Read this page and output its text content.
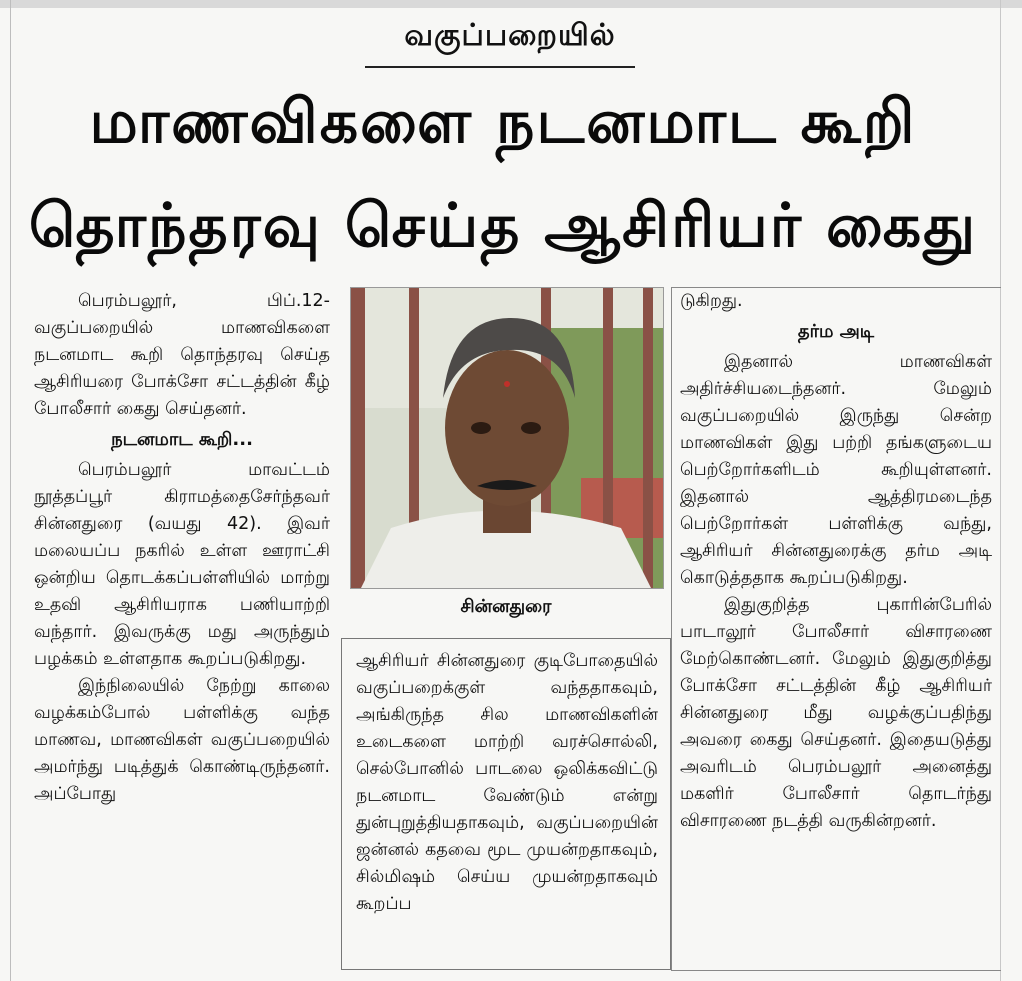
வகுப்பறையில்
மாணவிகளை நடனமாட கூறி
தொந்தரவு செய்த ஆசிரியர் கைது

பெரம்பலூர், பிப்.12- வகுப்பறையில் மாணவிகளை நடனமாட கூறி தொந்தரவு செய்த ஆசிரியரை போக்சோ சட்டத்தின் கீழ் போலீசார் கைது செய்தனர்.

நடனமாட கூறி...

பெரம்பலூர் மாவட்டம் நூத்தப்பூர் கிராமத்தைசேர்ந்தவர் சின்னதுரை (வயது 42). இவர் மலையப்ப நகரில் உள்ள ஊராட்சி ஒன்றிய தொடக்கப்பள்ளியில் மாற்று உதவி ஆசிரியராக பணியாற்றி வந்தார். இவருக்கு மது அருந்தும் பழக்கம் உள்ளதாக கூறப்படுகிறது.

இந்நிலையில் நேற்று காலை வழக்கம்போல் பள்ளிக்கு வந்த மாணவ, மாணவிகள் வகுப்பறையில் அமர்ந்து படித்துக் கொண்டிருந்தனர். அப்போது

சின்னதுரை

ஆசிரியர் சின்னதுரை குடிபோதையில் வகுப்பறைக்குள் வந்ததாகவும், அங்கிருந்த சில மாணவிகளின் உடைகளை மாற்றி வரச்சொல்லி, செல்போனில் பாடலை ஒலிக்கவிட்டு நடனமாட வேண்டும் என்று துன்புறுத்தியதாகவும், வகுப்பறையின் ஜன்னல் கதவை மூட முயன்றதாகவும், சில்மிஷம் செய்ய முயன்றதாகவும் கூறப்ப

டுகிறது.

தர்ம அடி

இதனால் மாணவிகள் அதிர்ச்சியடைந்தனர். மேலும் வகுப்பறையில் இருந்து சென்ற மாணவிகள் இது பற்றி தங்களுடைய பெற்றோர்களிடம் கூறியுள்ளனர். இதனால் ஆத்திரமடைந்த பெற்றோர்கள் பள்ளிக்கு வந்து, ஆசிரியர் சின்னதுரைக்கு தர்ம அடி கொடுத்ததாக கூறப்படுகிறது.

இதுகுறித்த புகாரின்பேரில் பாடாலூர் போலீசார் விசாரணை மேற்கொண்டனர். மேலும் இதுகுறித்து போக்சோ சட்டத்தின் கீழ் ஆசிரியர் சின்னதுரை மீது வழக்குப்பதிந்து அவரை கைது செய்தனர். இதையடுத்து அவரிடம் பெரம்பலூர் அனைத்து மகளிர் போலீசார் தொடர்ந்து விசாரணை நடத்தி வருகின்றனர்.
